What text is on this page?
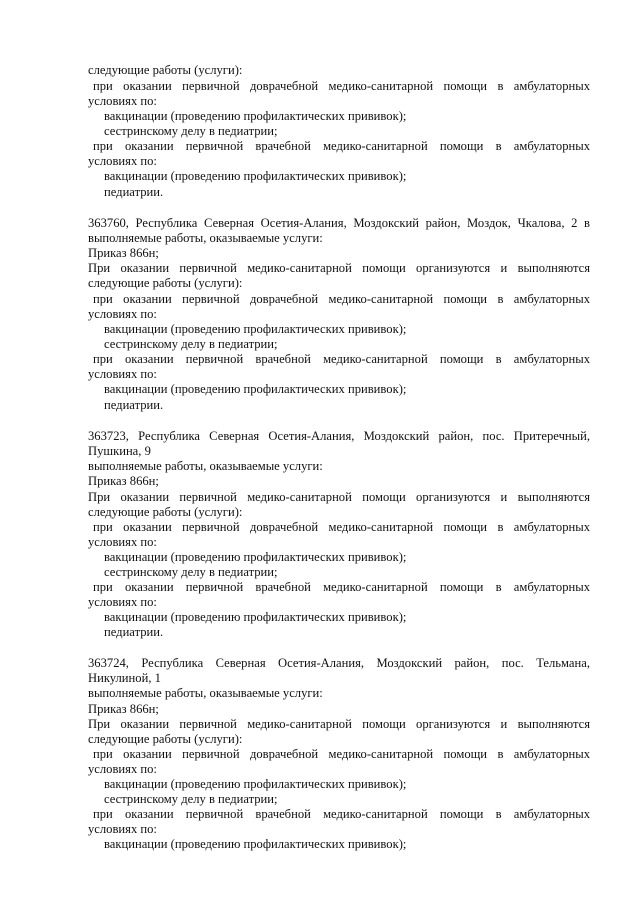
следующие работы (услуги):
при оказании первичной доврачебной медико-санитарной помощи в амбулаторных
условиях по:
вакцинации (проведению профилактических прививок);
сестринскому делу в педиатрии;
при оказании первичной врачебной медико-санитарной помощи в амбулаторных
условиях по:
вакцинации (проведению профилактических прививок);
педиатрии.
363760, Республика Северная Осетия-Алания, Моздокский район, Моздок, Чкалова, 2 в
выполняемые работы, оказываемые услуги:
Приказ 866н;
При оказании первичной медико-санитарной помощи организуются и выполняются
следующие работы (услуги):
при оказании первичной доврачебной медико-санитарной помощи в амбулаторных
условиях по:
вакцинации (проведению профилактических прививок);
сестринскому делу в педиатрии;
при оказании первичной врачебной медико-санитарной помощи в амбулаторных
условиях по:
вакцинации (проведению профилактических прививок);
педиатрии.
363723, Республика Северная Осетия-Алания, Моздокский район, пос. Притеречный,
Пушкина, 9
выполняемые работы, оказываемые услуги:
Приказ 866н;
При оказании первичной медико-санитарной помощи организуются и выполняются
следующие работы (услуги):
при оказании первичной доврачебной медико-санитарной помощи в амбулаторных
условиях по:
вакцинации (проведению профилактических прививок);
сестринскому делу в педиатрии;
при оказании первичной врачебной медико-санитарной помощи в амбулаторных
условиях по:
вакцинации (проведению профилактических прививок);
педиатрии.
363724, Республика Северная Осетия-Алания, Моздокский район, пос. Тельмана,
Никулиной, 1
выполняемые работы, оказываемые услуги:
Приказ 866н;
При оказании первичной медико-санитарной помощи организуются и выполняются
следующие работы (услуги):
при оказании первичной доврачебной медико-санитарной помощи в амбулаторных
условиях по:
вакцинации (проведению профилактических прививок);
сестринскому делу в педиатрии;
при оказании первичной врачебной медико-санитарной помощи в амбулаторных
условиях по:
вакцинации (проведению профилактических прививок);
